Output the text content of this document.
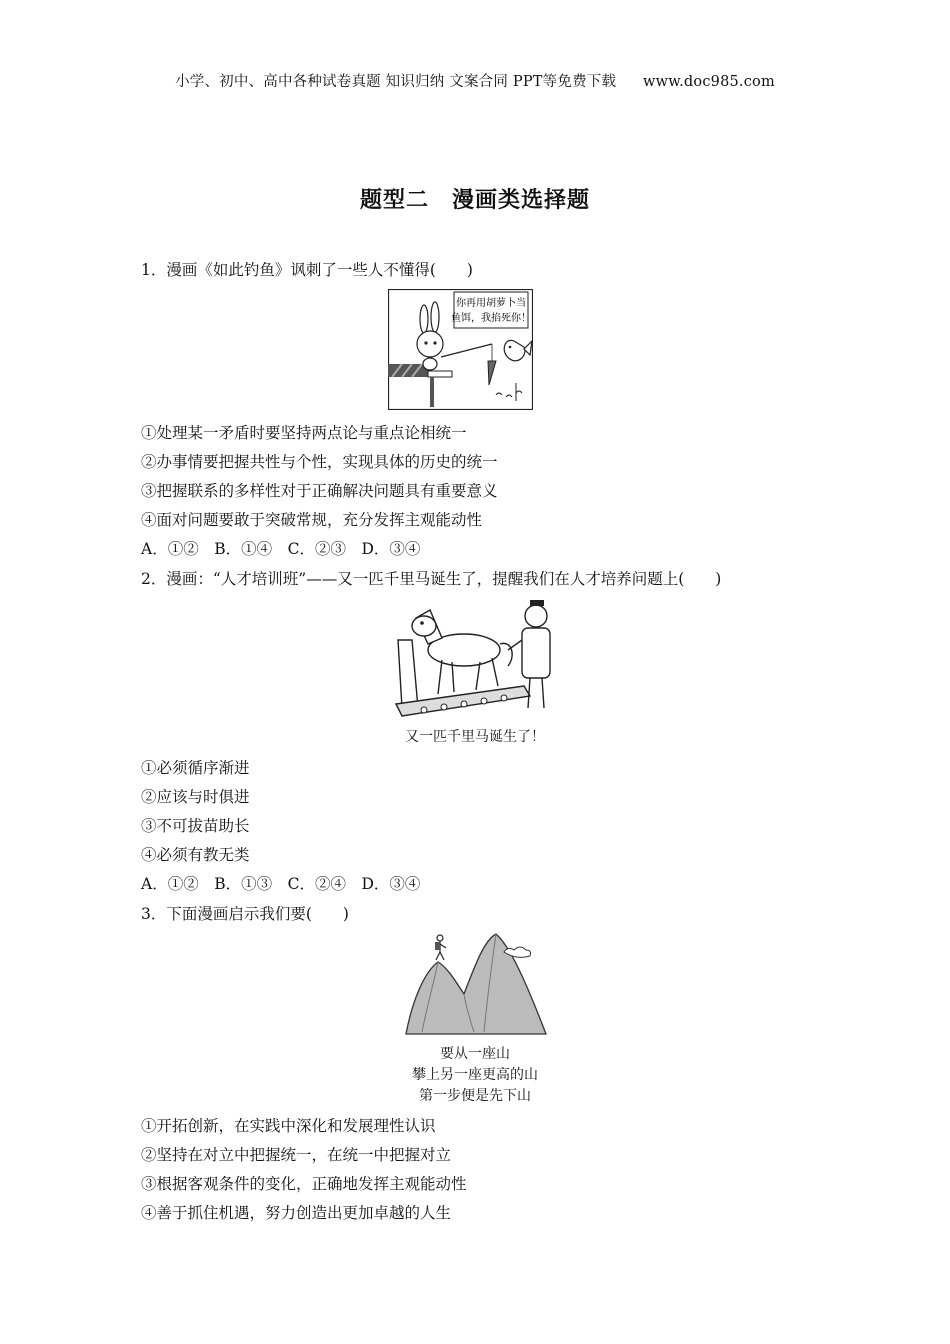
小学、初中、高中各种试卷真题 知识归纳 文案合同 PPT等免费下载 www.doc985.com
题型二　漫画类选择题
1．漫画《如此钓鱼》讽刺了一些人不懂得(　　)
你再用胡萝卜当
鱼饵，我掐死你！
①处理某一矛盾时要坚持两点论与重点论相统一
②办事情要把握共性与个性，实现具体的历史的统一
③把握联系的多样性对于正确解决问题具有重要意义
④面对问题要敢于突破常规，充分发挥主观能动性
A．①②　B．①④　C．②③　D．③④
2．漫画：“人才培训班”——又一匹千里马诞生了，提醒我们在人才培养问题上(　　)
又一匹千里马诞生了！
①必须循序渐进
②应该与时俱进
③不可拔苗助长
④必须有教无类
A．①②　B．①③　C．②④　D．③④
3．下面漫画启示我们要(　　)
要从一座山
攀上另一座更高的山
第一步便是先下山
①开拓创新，在实践中深化和发展理性认识
②坚持在对立中把握统一，在统一中把握对立
③根据客观条件的变化，正确地发挥主观能动性
④善于抓住机遇，努力创造出更加卓越的人生
